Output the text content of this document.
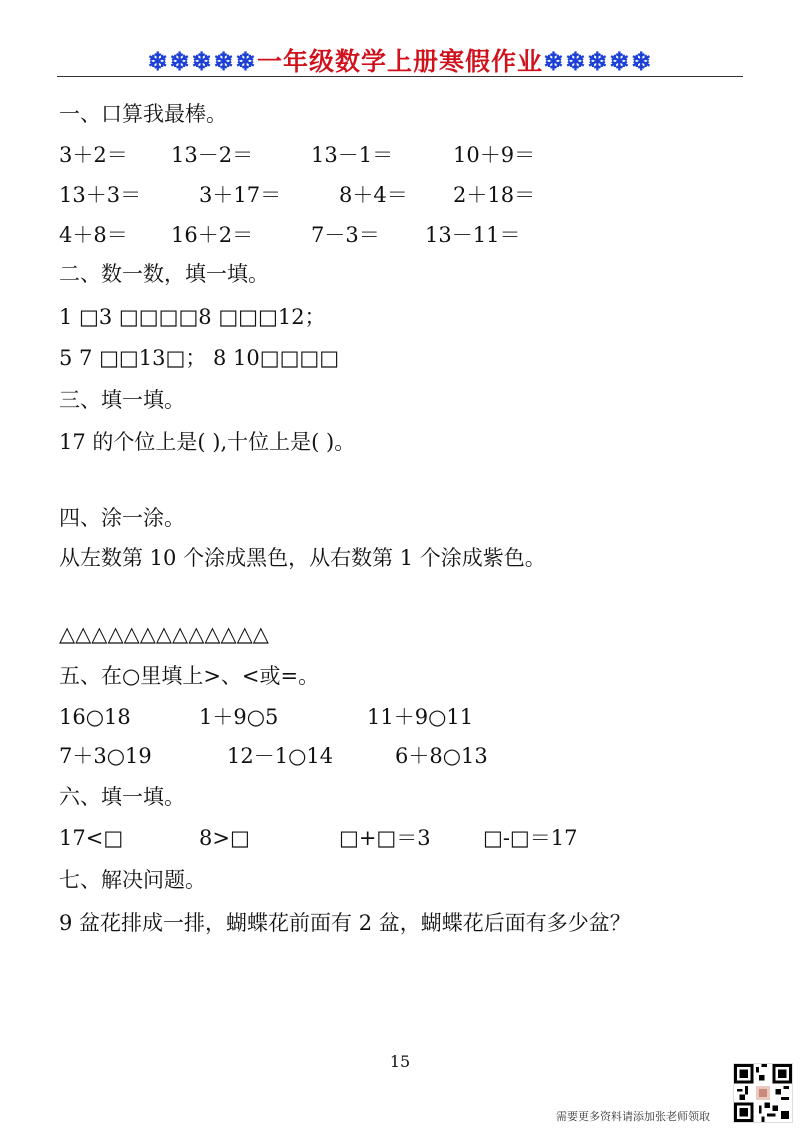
❄❄❄❄❄一年级数学上册寒假作业❄❄❄❄❄
一、口算我最棒。
3＋2＝ 13－2＝	13－1＝	10＋9＝
13＋3＝	3＋17＝	8＋4＝ 2＋18＝
4＋8＝ 16＋2＝	7－3＝ 13－11＝
二、数一数，填一填。
1 □3 □□□□8 □□□12；
5 7 □□13□； 8 10□□□□
三、填一填。
17 的个位上是( ),十位上是( )。
四、涂一涂。
从左数第 10 个涂成黑色，从右数第 1 个涂成紫色。
△△△△△△△△△△△△△
五、在○里填上>、<或=。
16○18	1＋9○5	11＋9○11
7＋3○19	12－1○14	6＋8○13
六、填一填。
17<□	8>□	□+□＝3 □-□＝17
七、解决问题。
9 盆花排成一排，蝴蝶花前面有 2 盆，蝴蝶花后面有多少盆？
15
需要更多资料请添加张老师领取
